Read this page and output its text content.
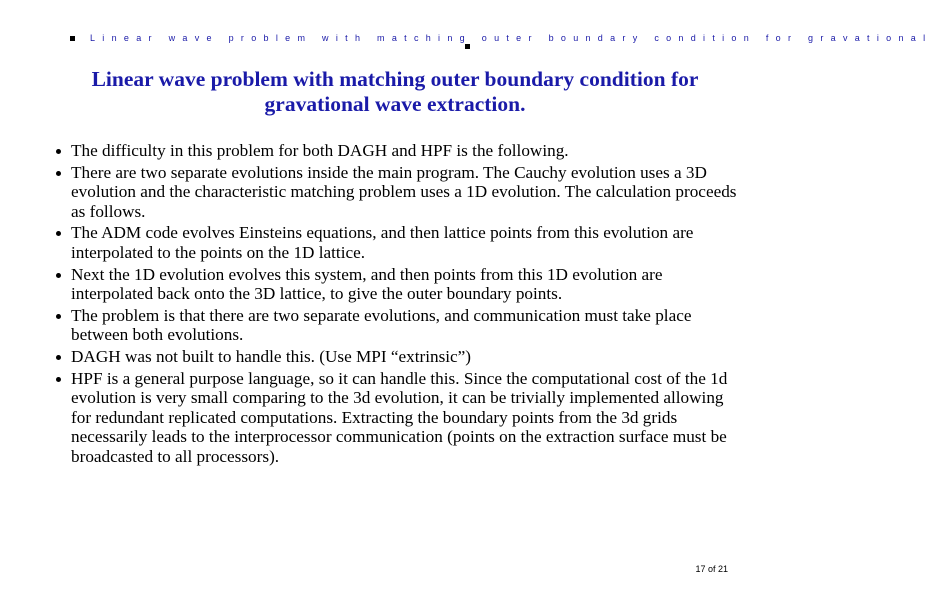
Linear wave problem with matching outer boundary condition for gravational
Linear wave problem with matching outer boundary condition for gravational wave extraction.
The difficulty in this problem for both DAGH and HPF is the following.
There are two separate evolutions inside the main program. The Cauchy evolution uses a 3D evolution and the characteristic matching problem uses a 1D evolution. The calculation proceeds as follows.
The ADM code evolves Einsteins equations, and then lattice points from this evolution are interpolated to the points on the 1D lattice.
Next the 1D evolution evolves this system, and then points from this 1D evolution are interpolated back onto the 3D lattice, to give the outer boundary points.
The problem is that there are two separate evolutions, and communication must take place between both evolutions.
DAGH was not built to handle this. (Use MPI “extrinsic”)
HPF is a general purpose language, so it can handle this. Since the computational cost of the 1d evolution is very small comparing to the 3d evolution, it can be trivially implemented allowing for redundant replicated computations. Extracting the boundary points from the 3d grids necessarily leads to the interprocessor communication (points on the extraction surface must be broadcasted to all processors).
17 of 21
